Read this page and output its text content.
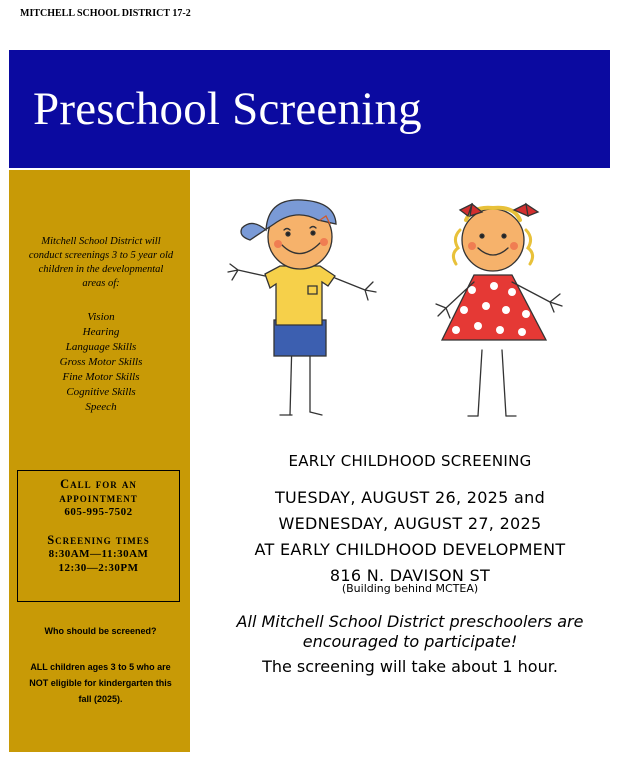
MITCHELL SCHOOL DISTRICT 17-2
Preschool Screening

Mitchell School District will conduct screenings 3 to 5 year old children in the developmental areas of:

Vision
Hearing
Language Skills
Gross Motor Skills
Fine Motor Skills
Cognitive Skills
Speech
Call for an appointment
605-995-7502
Screening times
8:30AM—11:30AM
12:30—2:30PM

Who should be screened?

ALL children ages 3 to 5 who are NOT eligible for kindergarten this fall (2025).

EARLY CHILDHOOD SCREENING

TUESDAY, AUGUST 26, 2025 and
WEDNESDAY, AUGUST 27, 2025
AT EARLY CHILDHOOD DEVELOPMENT
816 N. DAVISON ST

(Building behind MCTEA)

All Mitchell School District preschoolers are encouraged to participate!

The screening will take about 1 hour.
